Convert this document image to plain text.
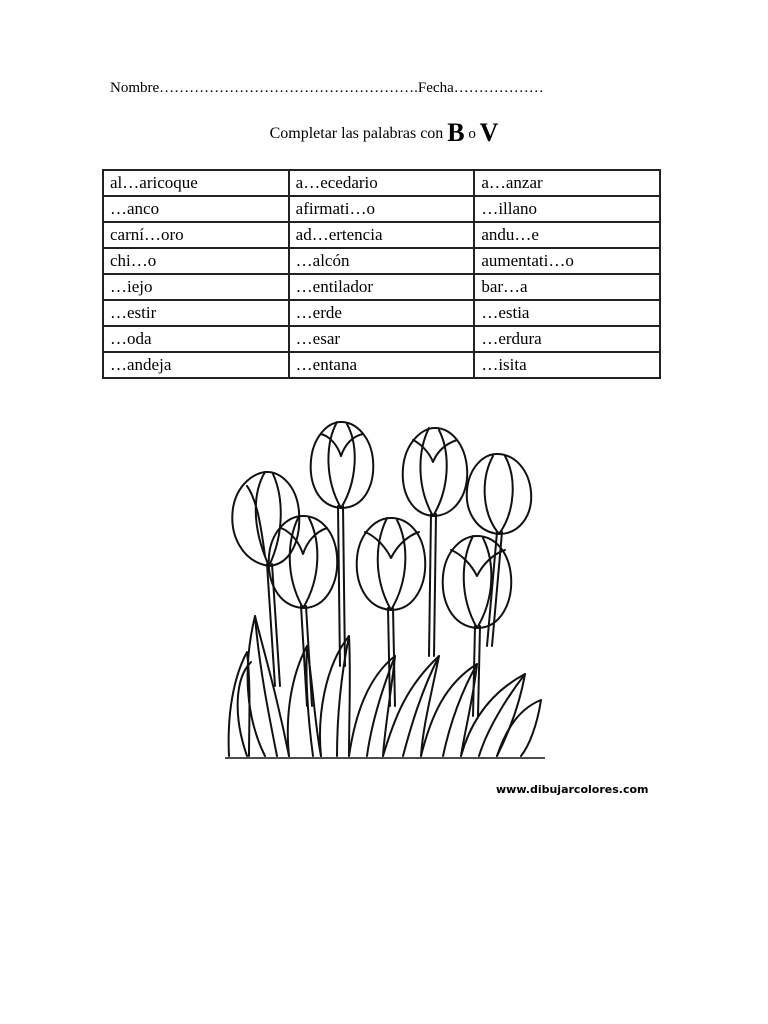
Nombre…………………………………………….Fecha………………
Completar las palabras con B o V
al…aricoque	a…ecedario	a…anzar
…anco	afirmati…o	…illano
carní…oro	ad…ertencia	andu…e
chi…o	…alcón	aumentati…o
…iejo	…entilador	bar…a
…estir	…erde	…estia
…oda	…esar	…erdura
…andeja	…entana	…isita
www.dibujarcolores.com
